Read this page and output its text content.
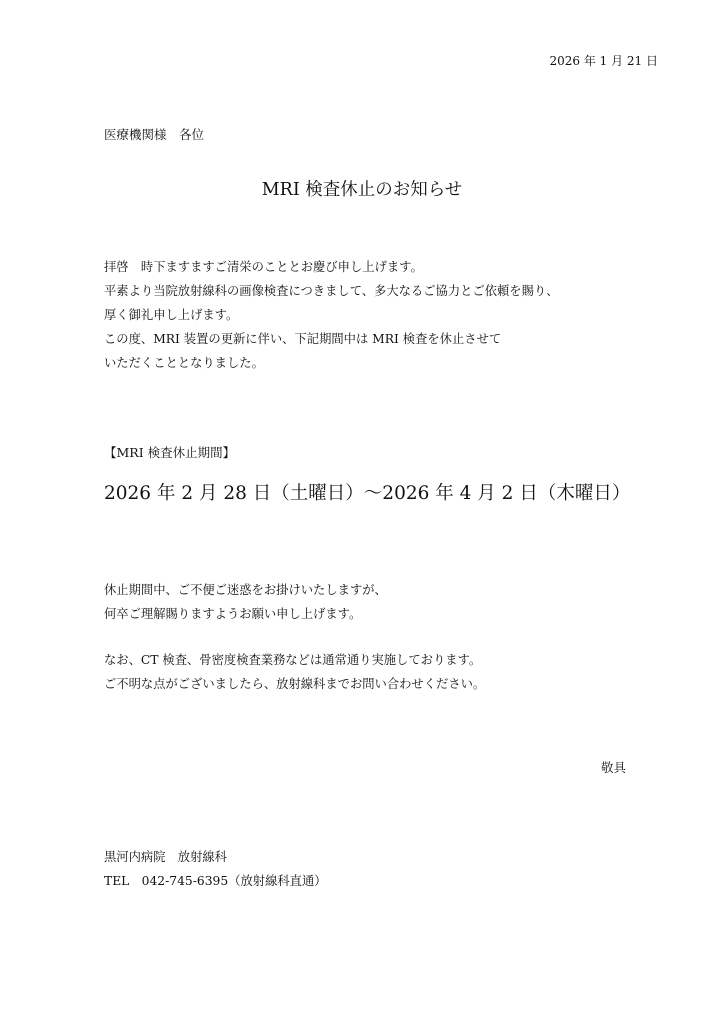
2026 年 1 月 21 日
医療機関様　各位
MRI 検査休止のお知らせ
拝啓　時下ますますご清栄のこととお慶び申し上げます。
平素より当院放射線科の画像検査につきまして、多大なるご協力とご依頼を賜り、
厚く御礼申し上げます。
この度、MRI 装置の更新に伴い、下記期間中は MRI 検査を休止させて
いただくこととなりました。
【MRI 検査休止期間】
2026 年 2 月 28 日（土曜日）～2026 年 4 月 2 日（木曜日）
休止期間中、ご不便ご迷惑をお掛けいたしますが、
何卒ご理解賜りますようお願い申し上げます。
なお、CT 検査、骨密度検査業務などは通常通り実施しております。
ご不明な点がございましたら、放射線科までお問い合わせください。
敬具
黒河内病院　放射線科
TEL　042-745-6395（放射線科直通）
